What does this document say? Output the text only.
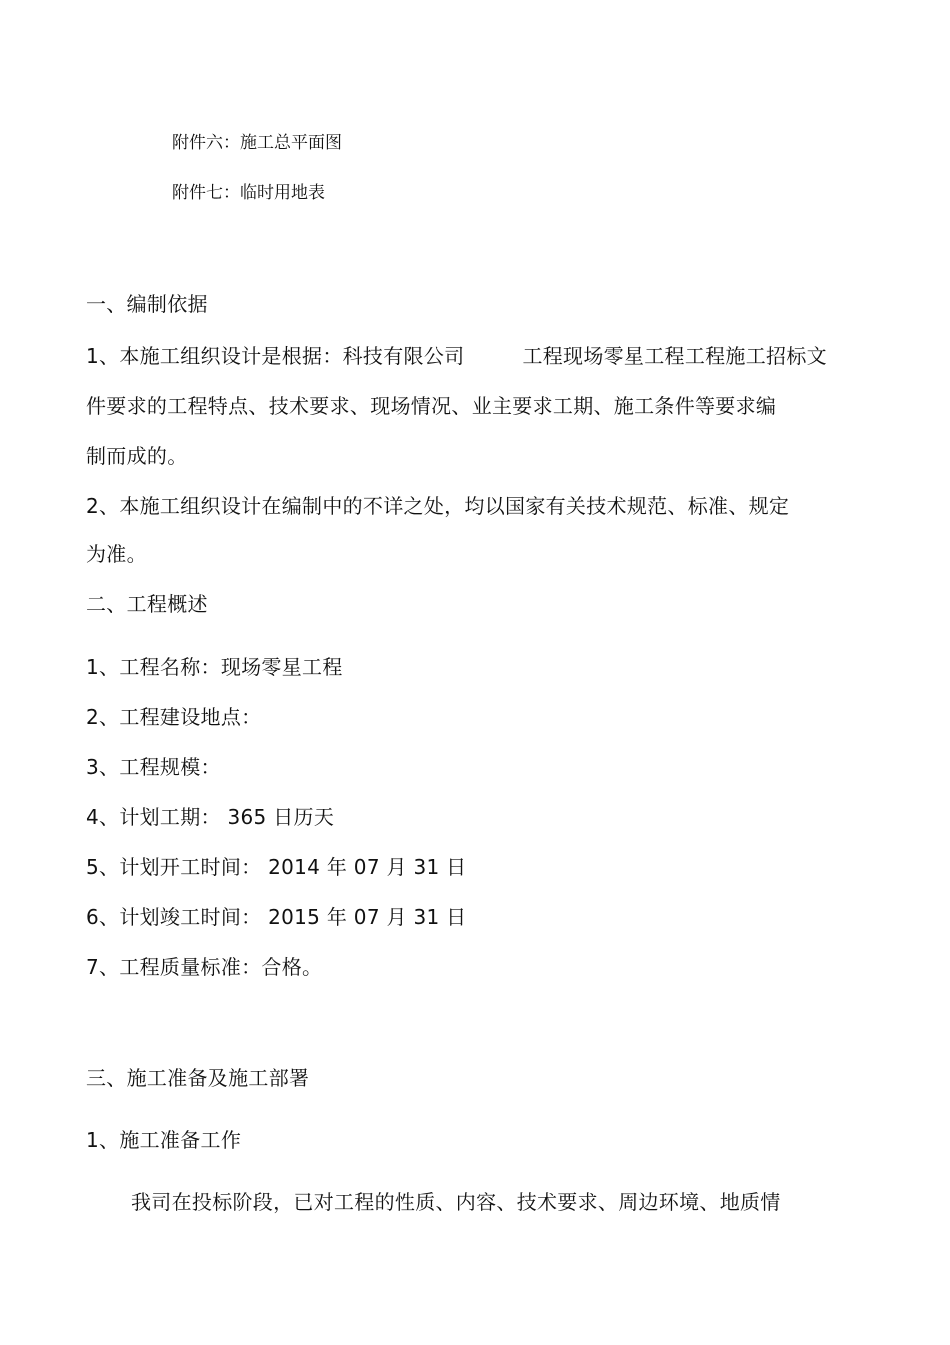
附件六：施工总平面图
附件七：临时用地表
一、编制依据
1、本施工组织设计是根据：科技有限公司	工程现场零星工程工程施工招标文
件要求的工程特点、技术要求、现场情况、业主要求工期、施工条件等要求编
制而成的。
2、本施工组织设计在编制中的不详之处，均以国家有关技术规范、标准、规定
为准。
二、工程概述
1、工程名称：现场零星工程
2、工程建设地点：
3、工程规模：
4、计划工期： 365 日历天
5、计划开工时间： 2014 年 07 月 31 日
6、计划竣工时间： 2015 年 07 月 31 日
7、工程质量标准：合格。
三、施工准备及施工部署
1、施工准备工作
我司在投标阶段，已对工程的性质、内容、技术要求、周边环境、地质情
